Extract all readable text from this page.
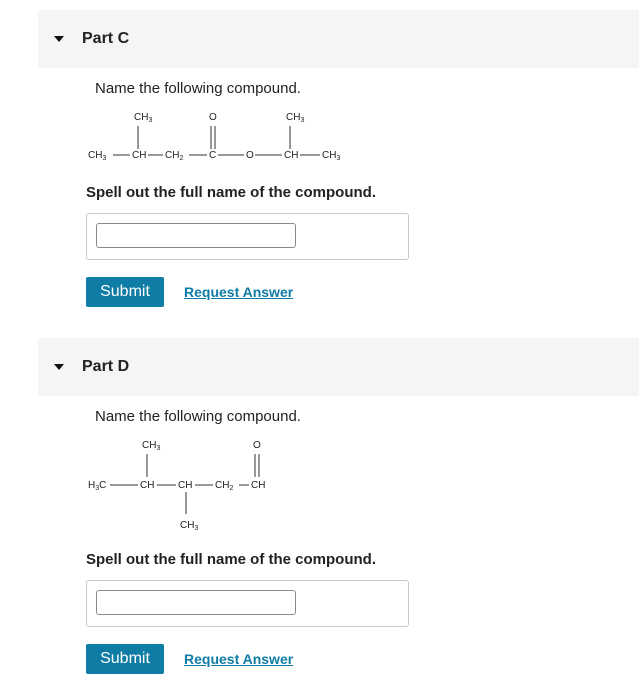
Part C
Name the following compound.
$CH_3$	O	$CH_3$
$CH_3$	CH $CH_2$	C	O	CH $CH_3$
Spell out the full name of the compound.
Submit	Request Answer
Part D
Name the following compound.
$CH_3$	O
$H_3C$	CH CH $CH_2$ CH
$CH_3$
Spell out the full name of the compound.
Submit	Request Answer
